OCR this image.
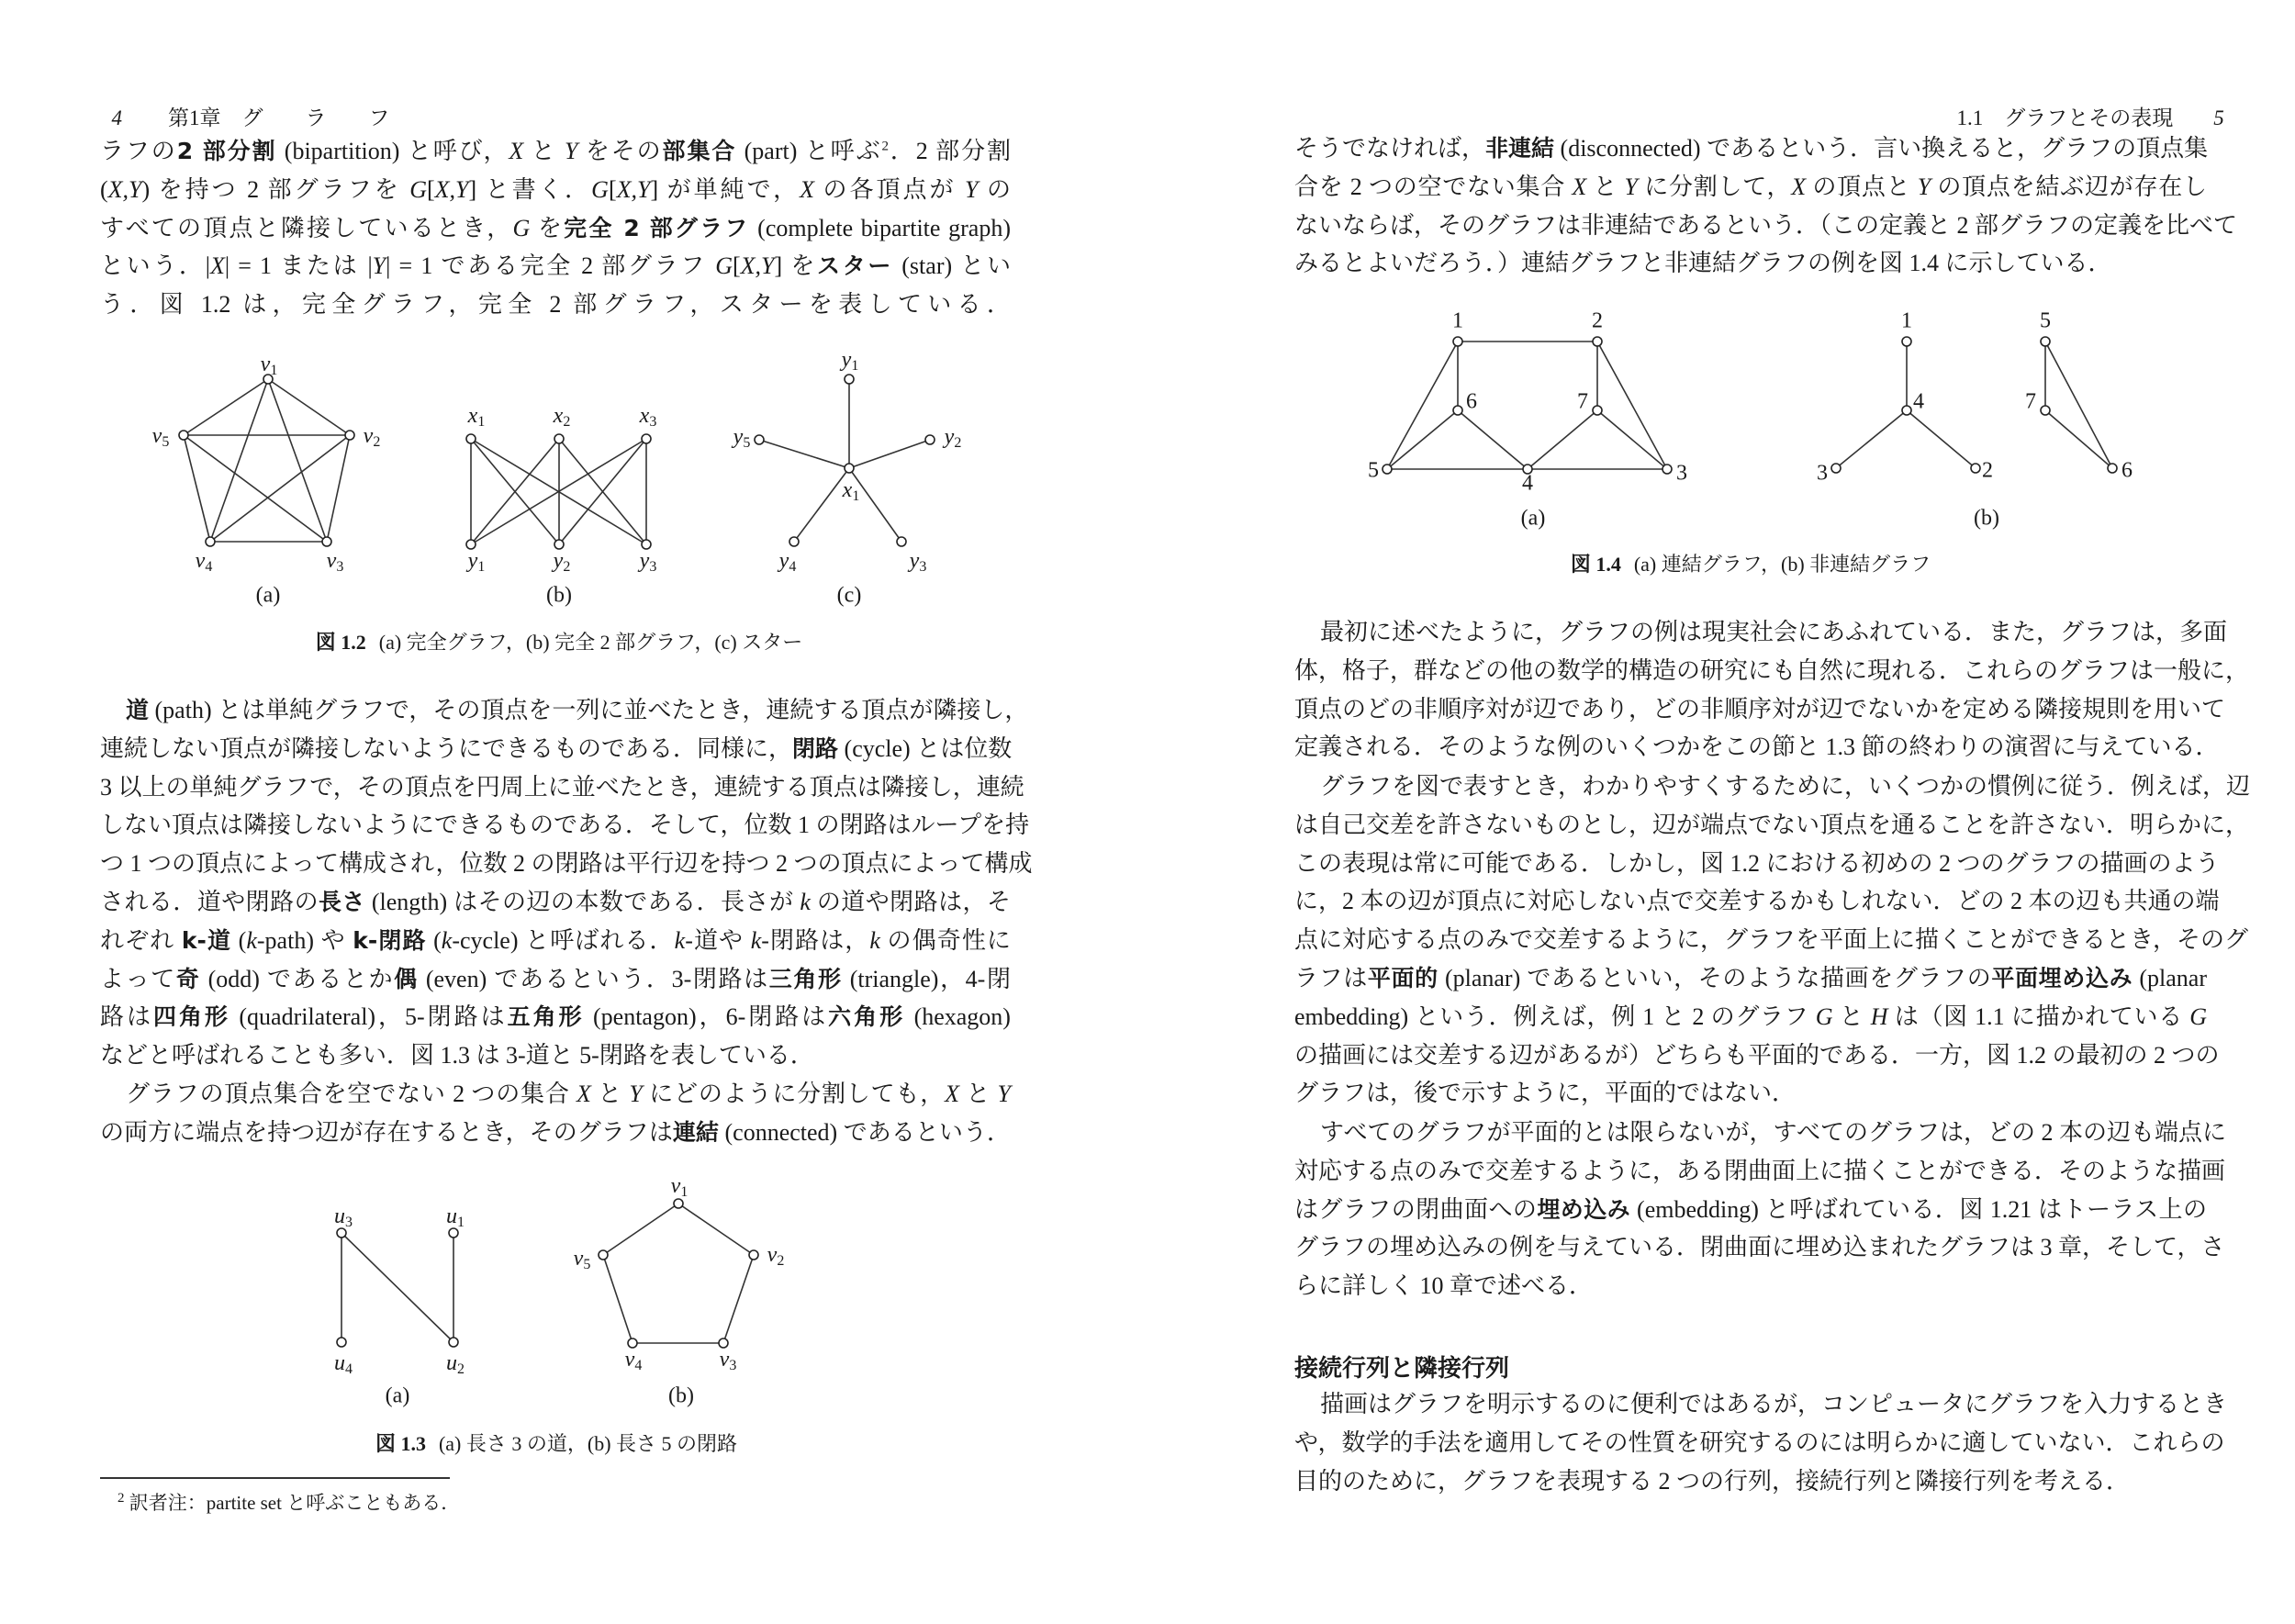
4 第1章　グ　　ラ　　フ	1.1　グラフとその表現 5

ラフの2 部分割 (bipartition) と呼び，X と Y をその部集合 (part) と呼ぶ$^2$．2 部分割
(X,Y) を持つ 2 部グラフを G[X,Y] と書く．G[X,Y] が単純で，X の各頂点が Y の
すべての頂点と隣接しているとき，G を完全 2 部グラフ (complete bipartite graph)
という．|X| = 1 または |Y| = 1 である完全 2 部グラフ G[X,Y] をスター (star) とい
う．図 1.2 は，完全グラフ，完全 2 部グラフ，スターを表している．
道 (path) とは単純グラフで，その頂点を一列に並べたとき，連続する頂点が隣接し，
連続しない頂点が隣接しないようにできるものである．同様に，閉路 (cycle) とは位数
3 以上の単純グラフで，その頂点を円周上に並べたとき，連続する頂点は隣接し，連続
しない頂点は隣接しないようにできるものである．そして，位数 1 の閉路はループを持
つ 1 つの頂点によって構成され，位数 2 の閉路は平行辺を持つ 2 つの頂点によって構成
される．道や閉路の長さ (length) はその辺の本数である．長さが k の道や閉路は，そ
れぞれ k-道 (k-path) や k-閉路 (k-cycle) と呼ばれる．k-道や k-閉路は，k の偶奇性に
よって奇 (odd) であるとか偶 (even) であるという．3-閉路は三角形 (triangle)，4-閉
路は四角形 (quadrilateral)，5-閉路は五角形 (pentagon)，6-閉路は六角形 (hexagon)
などと呼ばれることも多い．図 1.3 は 3-道と 5-閉路を表している．
グラフの頂点集合を空でない 2 つの集合 X と Y にどのように分割しても，X と Y
の両方に端点を持つ辺が存在するとき，そのグラフは連結 (connected) であるという．
そうでなければ，非連結 (disconnected) であるという．言い換えると，グラフの頂点集
合を 2 つの空でない集合 X と Y に分割して，X の頂点と Y の頂点を結ぶ辺が存在し
ないならば，そのグラフは非連結であるという．（この定義と 2 部グラフの定義を比べて
みるとよいだろう．）連結グラフと非連結グラフの例を図 1.4 に示している．
最初に述べたように，グラフの例は現実社会にあふれている．また，グラフは，多面
体，格子，群などの他の数学的構造の研究にも自然に現れる．これらのグラフは一般に，
頂点のどの非順序対が辺であり，どの非順序対が辺でないかを定める隣接規則を用いて
定義される．そのような例のいくつかをこの節と 1.3 節の終わりの演習に与えている．
グラフを図で表すとき，わかりやすくするために，いくつかの慣例に従う．例えば，辺
は自己交差を許さないものとし，辺が端点でない頂点を通ることを許さない．明らかに，
この表現は常に可能である．しかし，図 1.2 における初めの 2 つのグラフの描画のよう
に，2 本の辺が頂点に対応しない点で交差するかもしれない．どの 2 本の辺も共通の端
点に対応する点のみで交差するように，グラフを平面上に描くことができるとき，そのグ
ラフは平面的 (planar) であるといい，そのような描画をグラフの平面埋め込み (planar
embedding) という．例えば，例 1 と 2 のグラフ G と H は（図 1.1 に描かれている G
の描画には交差する辺があるが）どちらも平面的である．一方，図 1.2 の最初の 2 つの
グラフは，後で示すように，平面的ではない．
すべてのグラフが平面的とは限らないが，すべてのグラフは，どの 2 本の辺も端点に
対応する点のみで交差するように，ある閉曲面上に描くことができる．そのような描画
はグラフの閉曲面への埋め込み (embedding) と呼ばれている．図 1.21 はトーラス上の
グラフの埋め込みの例を与えている．閉曲面に埋め込まれたグラフは 3 章，そして，さ
らに詳しく 10 章で述べる．
接続行列と隣接行列
描画はグラフを明示するのに便利ではあるが，コンピュータにグラフを入力するとき
や，数学的手法を適用してその性質を研究するのには明らかに適していない．これらの
目的のために，グラフを表現する 2 つの行列，接続行列と隣接行列を考える．
図 1.2 (a) 完全グラフ，(b) 完全 2 部グラフ，(c) スター
図 1.3 (a) 長さ 3 の道，(b) 長さ 5 の閉路
図 1.4 (a) 連結グラフ，(b) 非連結グラフ
$^2$ 訳者注：partite set と呼ぶこともある．
$v_1$
$v_2$
$v_3$
$v_4$
$v_5$
(a)
$x_1$	$x_2$	$x_3$
$y_1$	$y_2$	$y_3$
(b)
$y_1$
$y_2$
$y_3$
$y_4$
$y_5$
$x_1$
(c)
$u_3$	$u_1$
$u_4$	$u_2$
(a)
$v_1$
$v_2$
$v_3$
$v_4$
$v_5$
(b)
1	2
3
4
5
6	7
(a)
1
2
3
4
5
6
7
(b)
